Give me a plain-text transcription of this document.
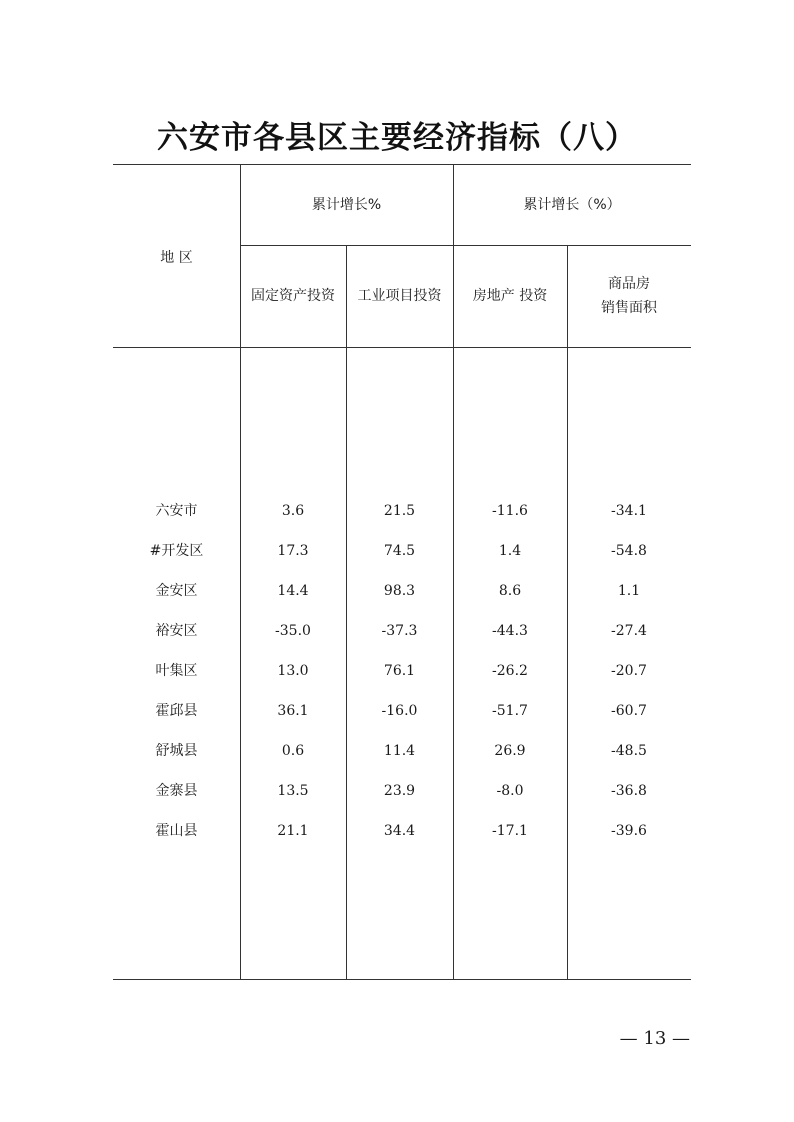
六安市各县区主要经济指标（八）
地 区
累计增长%	累计增长（%）
固定资产投资	工业项目投资	房地产 投资
商品房
销售面积
六安市	3.6	21.5	-11.6	-34.1
#开发区	17.3	74.5	1.4	-54.8
金安区	14.4	98.3	8.6	1.1
裕安区	-35.0	-37.3	-44.3	-27.4
叶集区	13.0	76.1	-26.2	-20.7
霍邱县	36.1	-16.0	-51.7	-60.7
舒城县	0.6	11.4	26.9	-48.5
金寨县	13.5	23.9	-8.0	-36.8
霍山县	21.1	34.4	-17.1	-39.6
— 13 —
